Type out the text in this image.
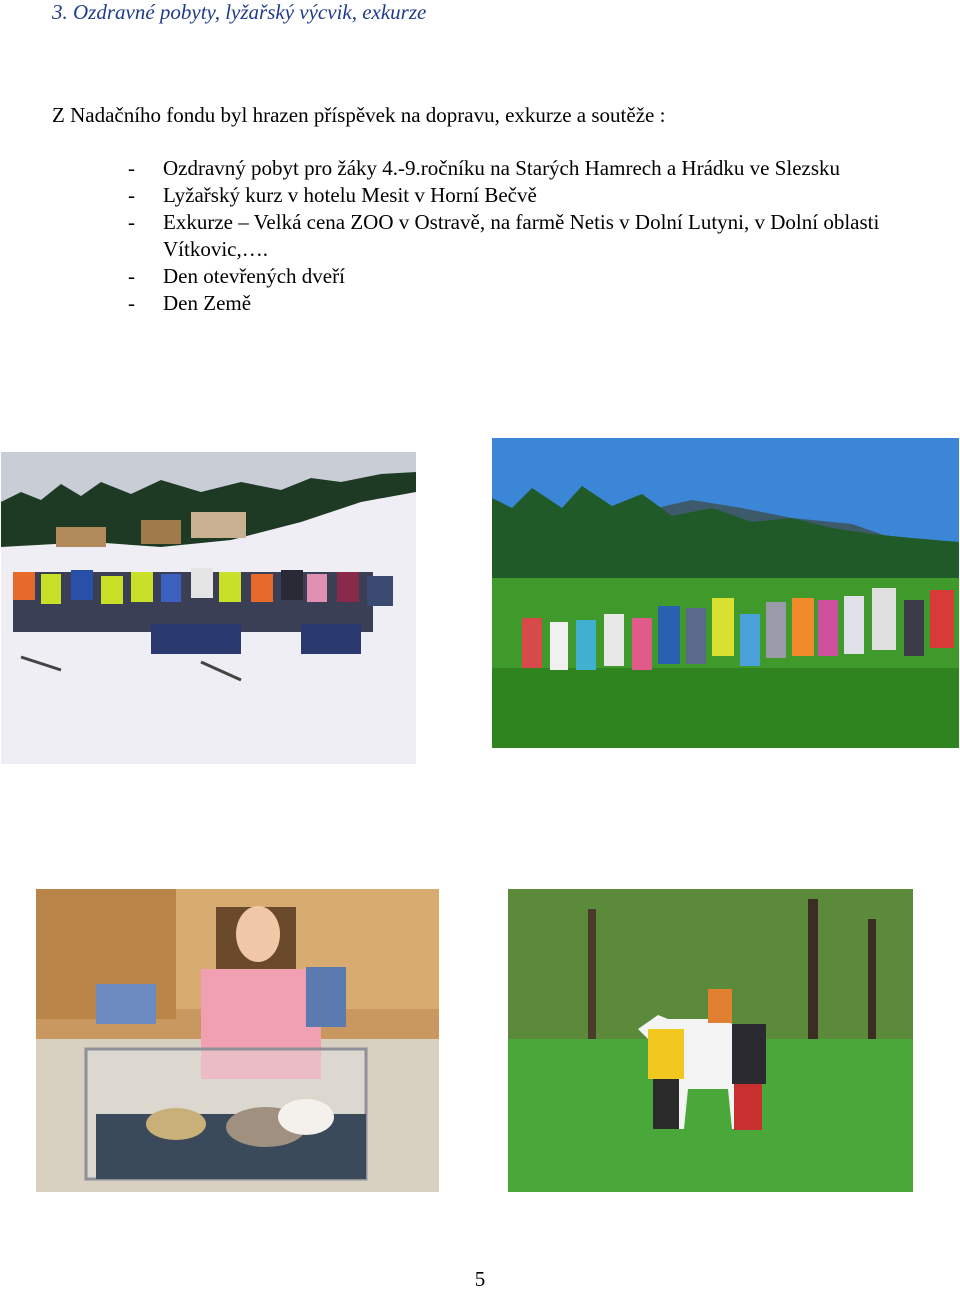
3. Ozdravné pobyty, lyžařský výcvik, exkurze
Z Nadačního fondu byl hrazen příspěvek na dopravu, exkurze a soutěže :
- Ozdravný pobyt pro žáky 4.-9.ročníku na Starých Hamrech a Hrádku ve Slezsku
- Lyžařský kurz v hotelu Mesit v Horní Bečvě
- Exkurze – Velká cena ZOO v Ostravě, na farmě Netis v Dolní Lutyni, v Dolní oblasti Vítkovic,….
- Den otevřených dveří
- Den Země
5
